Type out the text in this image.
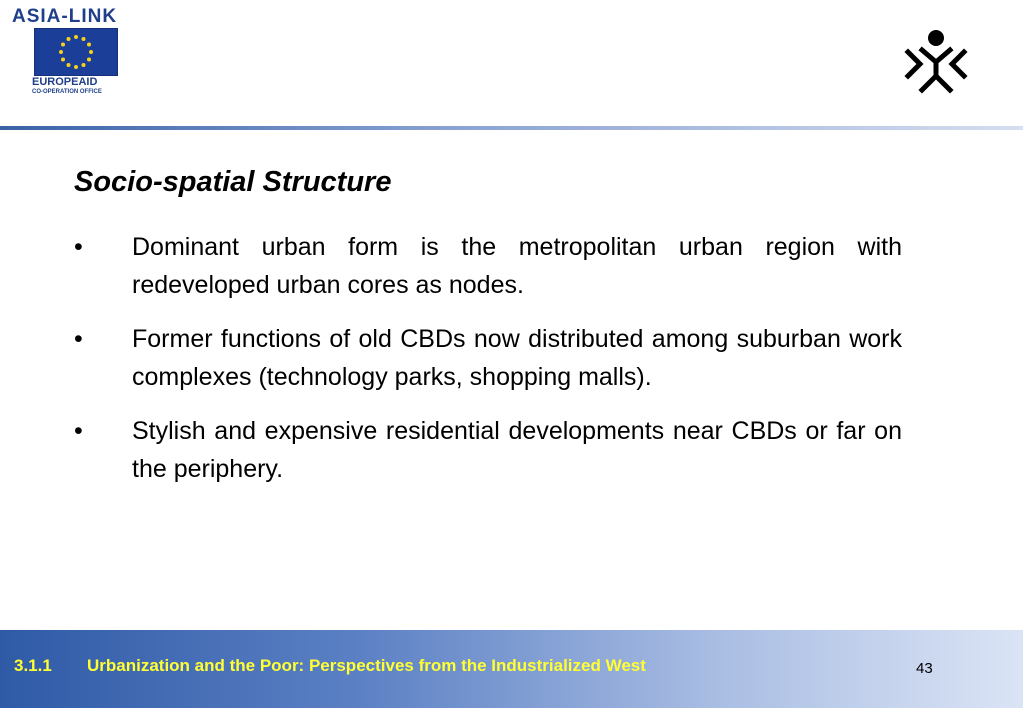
ASIA-LINK
EUROPEAID
CO-OPERATION OFFICE
Socio-spatial Structure
•	Dominant urban form is the metropolitan urban region with redeveloped urban cores as nodes.
•	Former functions of old CBDs now distributed among suburban work complexes (technology parks, shopping malls).
•	Stylish and expensive residential developments near CBDs or far on the periphery.
3.1.1 Urbanization and the Poor: Perspectives from the Industrialized West	43
